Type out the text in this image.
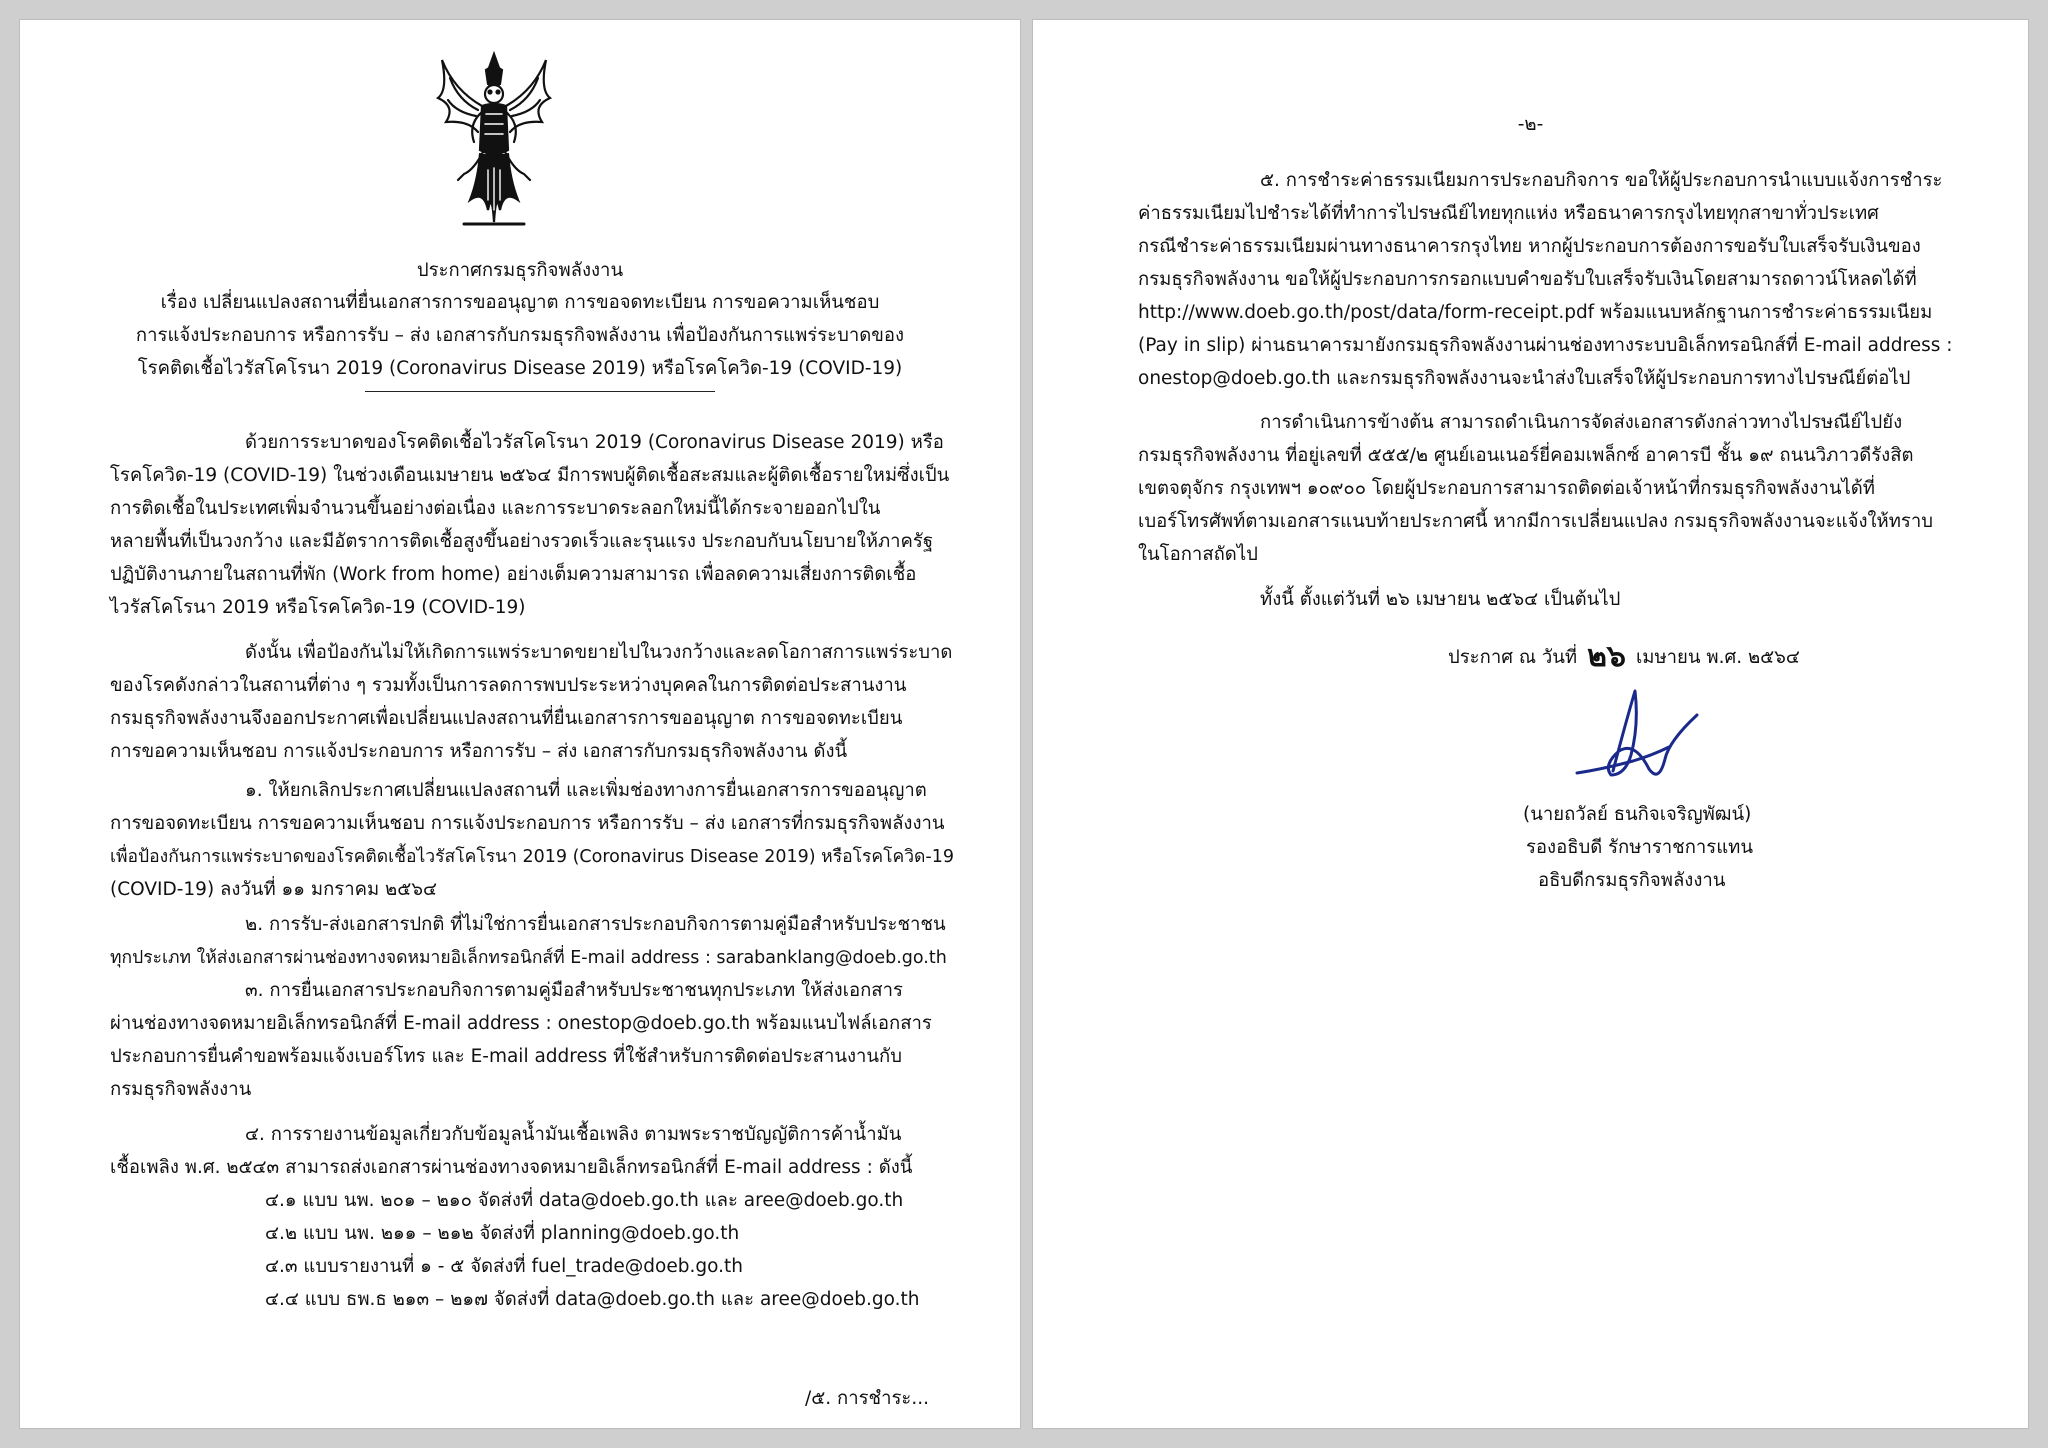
ประกาศกรมธุรกิจพลังงาน
เรื่อง เปลี่ยนแปลงสถานที่ยื่นเอกสารการขออนุญาต การขอจดทะเบียน การขอความเห็นชอบ
การแจ้งประกอบการ หรือการรับ – ส่ง เอกสารกับกรมธุรกิจพลังงาน เพื่อป้องกันการแพร่ระบาดของ
โรคติดเชื้อไวรัสโคโรนา 2019 (Coronavirus Disease 2019) หรือโรคโควิด-19 (COVID-19)
ด้วยการระบาดของโรคติดเชื้อไวรัสโคโรนา 2019 (Coronavirus Disease 2019) หรือ
โรคโควิด-19 (COVID-19) ในช่วงเดือนเมษายน ๒๕๖๔ มีการพบผู้ติดเชื้อสะสมและผู้ติดเชื้อรายใหม่ซึ่งเป็น
การติดเชื้อในประเทศเพิ่มจำนวนขึ้นอย่างต่อเนื่อง และการระบาดระลอกใหม่นี้ได้กระจายออกไปใน
หลายพื้นที่เป็นวงกว้าง และมีอัตราการติดเชื้อสูงขึ้นอย่างรวดเร็วและรุนแรง ประกอบกับนโยบายให้ภาครัฐ
ปฏิบัติงานภายในสถานที่พัก (Work from home) อย่างเต็มความสามารถ เพื่อลดความเสี่ยงการติดเชื้อ
ไวรัสโคโรนา 2019 หรือโรคโควิด-19 (COVID-19)
ดังนั้น เพื่อป้องกันไม่ให้เกิดการแพร่ระบาดขยายไปในวงกว้างและลดโอกาสการแพร่ระบาด
ของโรคดังกล่าวในสถานที่ต่าง ๆ รวมทั้งเป็นการลดการพบประระหว่างบุคคลในการติดต่อประสานงาน
กรมธุรกิจพลังงานจึงออกประกาศเพื่อเปลี่ยนแปลงสถานที่ยื่นเอกสารการขออนุญาต การขอจดทะเบียน
การขอความเห็นชอบ การแจ้งประกอบการ หรือการรับ – ส่ง เอกสารกับกรมธุรกิจพลังงาน ดังนี้
๑. ให้ยกเลิกประกาศเปลี่ยนแปลงสถานที่ และเพิ่มช่องทางการยื่นเอกสารการขออนุญาต
การขอจดทะเบียน การขอความเห็นชอบ การแจ้งประกอบการ หรือการรับ – ส่ง เอกสารที่กรมธุรกิจพลังงาน
เพื่อป้องกันการแพร่ระบาดของโรคติดเชื้อไวรัสโคโรนา 2019 (Coronavirus Disease 2019) หรือโรคโควิด-19
(COVID-19) ลงวันที่ ๑๑ มกราคม ๒๕๖๔
๒. การรับ-ส่งเอกสารปกติ ที่ไม่ใช่การยื่นเอกสารประกอบกิจการตามคู่มือสำหรับประชาชน
ทุกประเภท ให้ส่งเอกสารผ่านช่องทางจดหมายอิเล็กทรอนิกส์ที่ E-mail address : sarabanklang@doeb.go.th
๓. การยื่นเอกสารประกอบกิจการตามคู่มือสำหรับประชาชนทุกประเภท ให้ส่งเอกสาร
ผ่านช่องทางจดหมายอิเล็กทรอนิกส์ที่ E-mail address : onestop@doeb.go.th พร้อมแนบไฟล์เอกสาร
ประกอบการยื่นคำขอพร้อมแจ้งเบอร์โทร และ E-mail address ที่ใช้สำหรับการติดต่อประสานงานกับ
กรมธุรกิจพลังงาน
๔. การรายงานข้อมูลเกี่ยวกับข้อมูลน้ำมันเชื้อเพลิง ตามพระราชบัญญัติการค้าน้ำมัน
เชื้อเพลิง พ.ศ. ๒๕๔๓ สามารถส่งเอกสารผ่านช่องทางจดหมายอิเล็กทรอนิกส์ที่ E-mail address : ดังนี้
๔.๑ แบบ นพ. ๒๐๑ – ๒๑๐ จัดส่งที่ data@doeb.go.th และ aree@doeb.go.th
๔.๒ แบบ นพ. ๒๑๑ – ๒๑๒ จัดส่งที่ planning@doeb.go.th
๔.๓ แบบรายงานที่ ๑ - ๕ จัดส่งที่ fuel_trade@doeb.go.th
๔.๔ แบบ ธพ.ธ ๒๑๓ – ๒๑๗ จัดส่งที่ data@doeb.go.th และ aree@doeb.go.th
/๕. การชำระ...
-๒-
๕. การชำระค่าธรรมเนียมการประกอบกิจการ ขอให้ผู้ประกอบการนำแบบแจ้งการชำระ
ค่าธรรมเนียมไปชำระได้ที่ทำการไปรษณีย์ไทยทุกแห่ง หรือธนาคารกรุงไทยทุกสาขาทั่วประเทศ
กรณีชำระค่าธรรมเนียมผ่านทางธนาคารกรุงไทย หากผู้ประกอบการต้องการขอรับใบเสร็จรับเงินของ
กรมธุรกิจพลังงาน ขอให้ผู้ประกอบการกรอกแบบคำขอรับใบเสร็จรับเงินโดยสามารถดาวน์โหลดได้ที่
http://www.doeb.go.th/post/data/form-receipt.pdf พร้อมแนบหลักฐานการชำระค่าธรรมเนียม
(Pay in slip) ผ่านธนาคารมายังกรมธุรกิจพลังงานผ่านช่องทางระบบอิเล็กทรอนิกส์ที่ E-mail address :
onestop@doeb.go.th และกรมธุรกิจพลังงานจะนำส่งใบเสร็จให้ผู้ประกอบการทางไปรษณีย์ต่อไป
การดำเนินการข้างต้น สามารถดำเนินการจัดส่งเอกสารดังกล่าวทางไปรษณีย์ไปยัง
กรมธุรกิจพลังงาน ที่อยู่เลขที่ ๕๕๕/๒ ศูนย์เอนเนอร์ยี่คอมเพล็กซ์ อาคารบี ชั้น ๑๙ ถนนวิภาวดีรังสิต
เขตจตุจักร กรุงเทพฯ ๑๐๙๐๐ โดยผู้ประกอบการสามารถติดต่อเจ้าหน้าที่กรมธุรกิจพลังงานได้ที่
เบอร์โทรศัพท์ตามเอกสารแนบท้ายประกาศนี้ หากมีการเปลี่ยนแปลง กรมธุรกิจพลังงานจะแจ้งให้ทราบ
ในโอกาสถัดไป
ทั้งนี้ ตั้งแต่วันที่ ๒๖ เมษายน ๒๕๖๔ เป็นต้นไป
ประกาศ ณ วันที่ ๒๖ เมษายน พ.ศ. ๒๕๖๔
(นายถวัลย์ ธนกิจเจริญพัฒน์)
รองอธิบดี รักษาราชการแทน
อธิบดีกรมธุรกิจพลังงาน
